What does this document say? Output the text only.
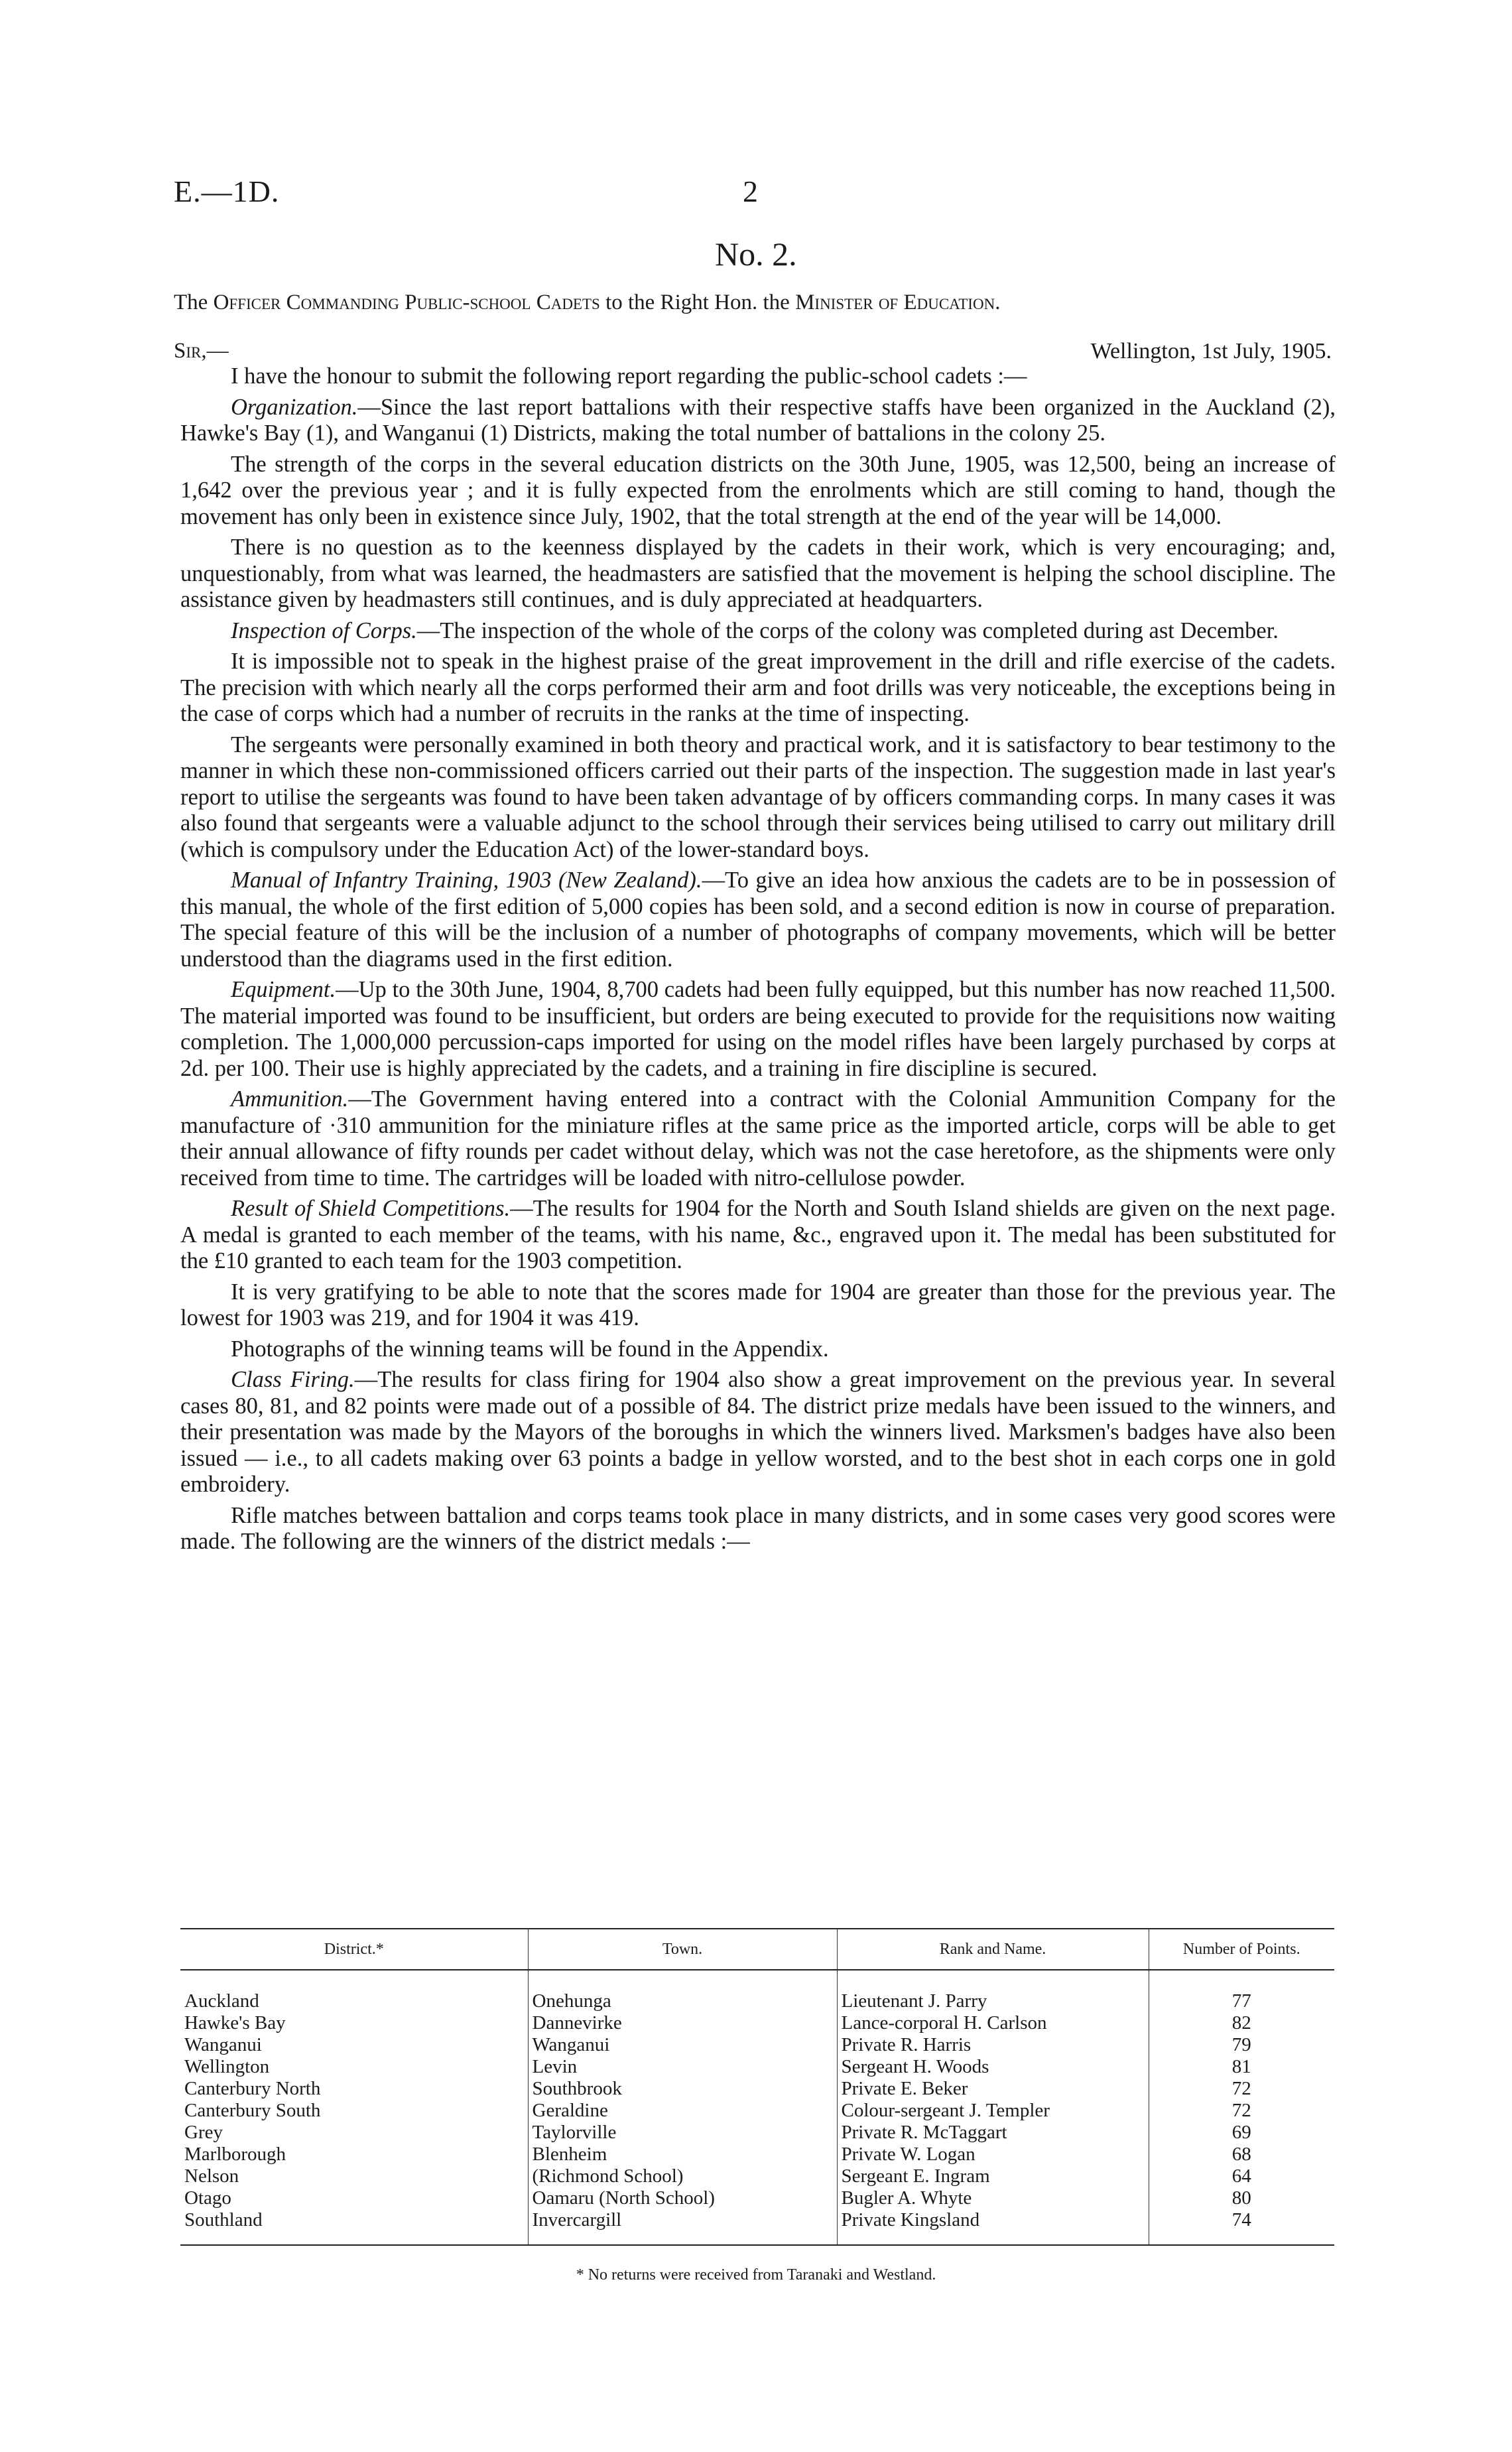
E.—1D.	2
No. 2.
The Officer Commanding Public-school Cadets to the Right Hon. the Minister of Education.
Sir,—	Wellington, 1st July, 1905.

I have the honour to submit the following report regarding the public-school cadets :—

Organization.—Since the last report battalions with their respective staffs have been organized in the Auckland (2), Hawke's Bay (1), and Wanganui (1) Districts, making the total number of battalions in the colony 25.

The strength of the corps in the several education districts on the 30th June, 1905, was 12,500, being an increase of 1,642 over the previous year ; and it is fully expected from the enrolments which are still coming to hand, though the movement has only been in existence since July, 1902, that the total strength at the end of the year will be 14,000.

There is no question as to the keenness displayed by the cadets in their work, which is very encouraging; and, unquestionably, from what was learned, the headmasters are satisfied that the movement is helping the school discipline. The assistance given by headmasters still continues, and is duly appreciated at headquarters.

Inspection of Corps.—The inspection of the whole of the corps of the colony was completed during ast December.

It is impossible not to speak in the highest praise of the great improvement in the drill and rifle exercise of the cadets. The precision with which nearly all the corps performed their arm and foot drills was very noticeable, the exceptions being in the case of corps which had a number of recruits in the ranks at the time of inspecting.

The sergeants were personally examined in both theory and practical work, and it is satisfactory to bear testimony to the manner in which these non-commissioned officers carried out their parts of the inspection. The suggestion made in last year's report to utilise the sergeants was found to have been taken advantage of by officers commanding corps. In many cases it was also found that sergeants were a valuable adjunct to the school through their services being utilised to carry out military drill (which is compulsory under the Education Act) of the lower-standard boys.

Manual of Infantry Training, 1903 (New Zealand).—To give an idea how anxious the cadets are to be in possession of this manual, the whole of the first edition of 5,000 copies has been sold, and a second edition is now in course of preparation. The special feature of this will be the inclusion of a number of photographs of company movements, which will be better understood than the diagrams used in the first edition.

Equipment.—Up to the 30th June, 1904, 8,700 cadets had been fully equipped, but this number has now reached 11,500. The material imported was found to be insufficient, but orders are being executed to provide for the requisitions now waiting completion. The 1,000,000 percussion-caps imported for using on the model rifles have been largely purchased by corps at 2d. per 100. Their use is highly appreciated by the cadets, and a training in fire discipline is secured.

Ammunition.—The Government having entered into a contract with the Colonial Ammunition Company for the manufacture of ·310 ammunition for the miniature rifles at the same price as the imported article, corps will be able to get their annual allowance of fifty rounds per cadet without delay, which was not the case heretofore, as the shipments were only received from time to time. The cartridges will be loaded with nitro-cellulose powder.

Result of Shield Competitions.—The results for 1904 for the North and South Island shields are given on the next page. A medal is granted to each member of the teams, with his name, &c., engraved upon it. The medal has been substituted for the £10 granted to each team for the 1903 competition.

It is very gratifying to be able to note that the scores made for 1904 are greater than those for the previous year. The lowest for 1903 was 219, and for 1904 it was 419.

Photographs of the winning teams will be found in the Appendix.

Class Firing.—The results for class firing for 1904 also show a great improvement on the previous year. In several cases 80, 81, and 82 points were made out of a possible of 84. The district prize medals have been issued to the winners, and their presentation was made by the Mayors of the boroughs in which the winners lived. Marksmen's badges have also been issued — i.e., to all cadets making over 63 points a badge in yellow worsted, and to the best shot in each corps one in gold embroidery.

Rifle matches between battalion and corps teams took place in many districts, and in some cases very good scores were made. The following are the winners of the district medals :—

District.*	Town.	Rank and Name.	Number of Points.
Auckland	Onehunga	Lieutenant J. Parry	77
Hawke's Bay	Dannevirke	Lance-corporal H. Carlson	82
Wanganui	Wanganui	Private R. Harris	79
Wellington	Levin	Sergeant H. Woods	81
Canterbury North	Southbrook	Private E. Beker	72
Canterbury South	Geraldine	Colour-sergeant J. Templer	72
Grey	Taylorville	Private R. McTaggart	69
Marlborough	Blenheim	Private W. Logan	68
Nelson	(Richmond School)	Sergeant E. Ingram	64
Otago	Oamaru (North School)	Bugler A. Whyte	80
Southland	Invercargill	Private Kingsland	74
* No returns were received from Taranaki and Westland.
